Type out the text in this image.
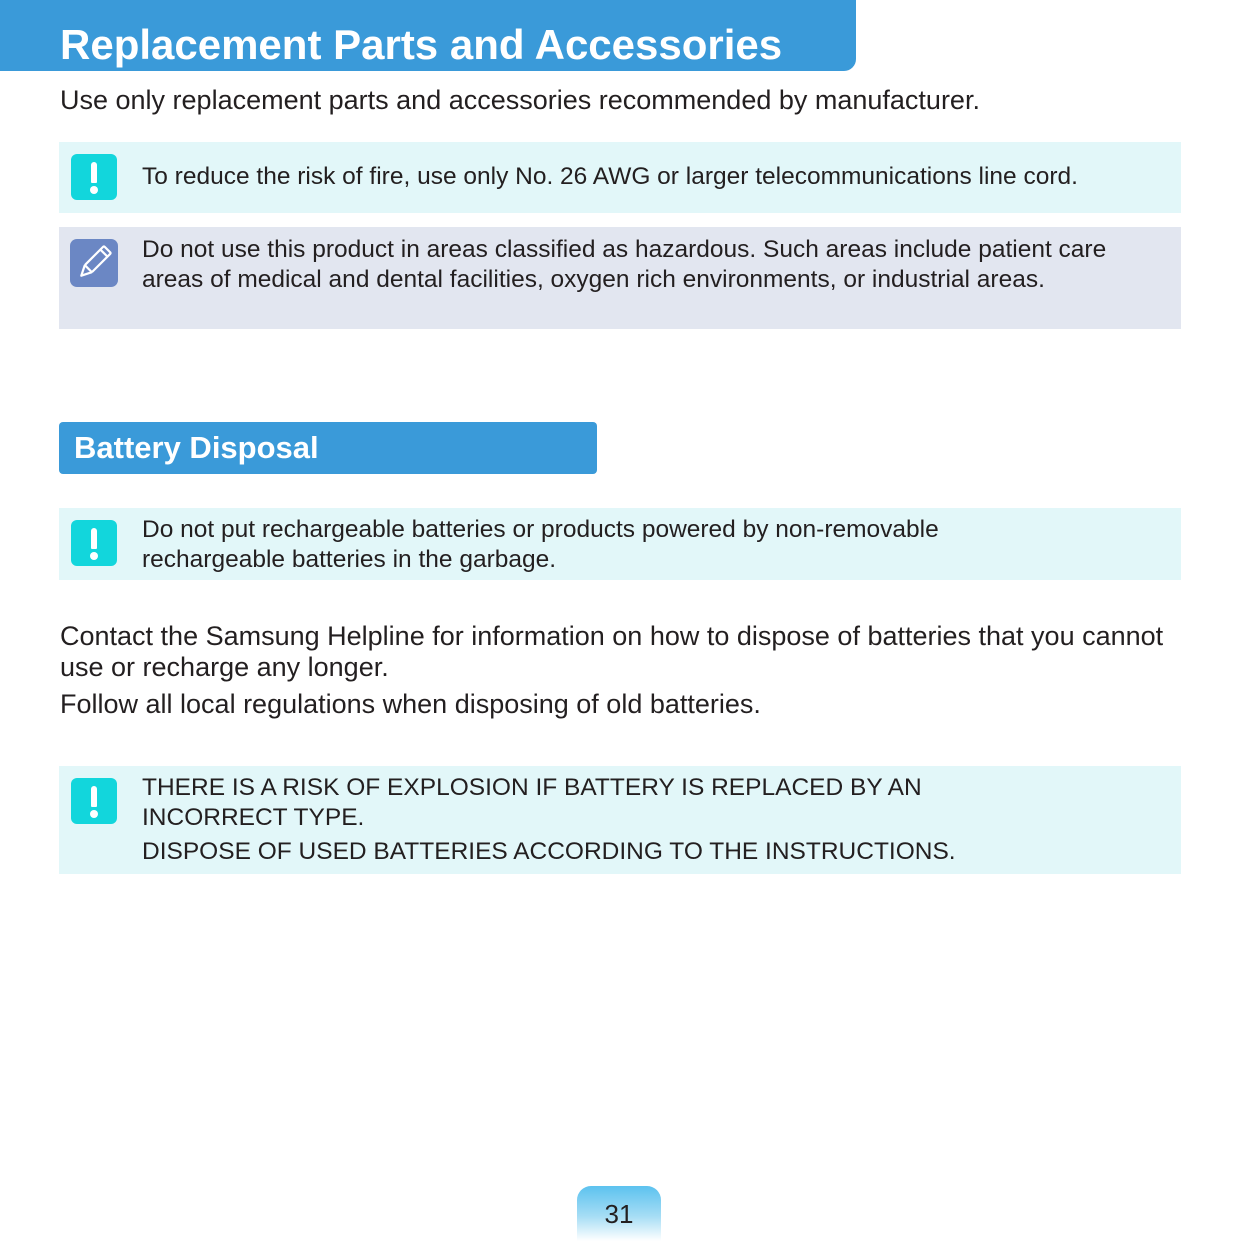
Replacement Parts and Accessories

Use only replacement parts and accessories recommended by manufacturer.

To reduce the risk of fire, use only No. 26 AWG or larger telecommunications line cord.
Do not use this product in areas classified as hazardous. Such areas include patient care areas of medical and dental facilities, oxygen rich environments, or industrial areas.
Battery Disposal
Do not put rechargeable batteries or products powered by non-removable rechargeable batteries in the garbage.

Contact the Samsung Helpline for information on how to dispose of batteries that you cannot use or recharge any longer.

Follow all local regulations when disposing of old batteries.

THERE IS A RISK OF EXPLOSION IF BATTERY IS REPLACED BY AN INCORRECT TYPE.

DISPOSE OF USED BATTERIES ACCORDING TO THE INSTRUCTIONS.

31
